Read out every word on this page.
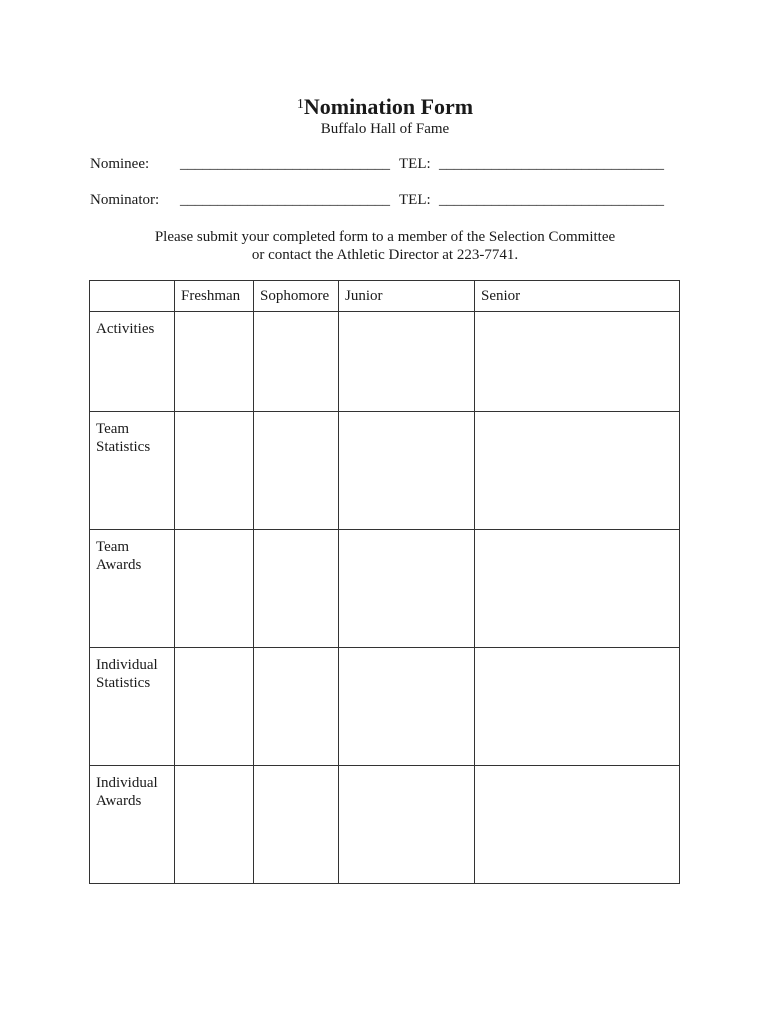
1Nomination Form
Buffalo Hall of Fame
Nominee: ____________________________ TEL: ______________________________
Nominator: ____________________________ TEL: ______________________________
Please submit your completed form to a member of the Selection Committee
or contact the Athletic Director at 223-7741.
	Freshman	Sophomore	Junior	Senior

Activities				

Team
Statistics				

Team
Awards				

Individual
Statistics				

Individual
Awards				
